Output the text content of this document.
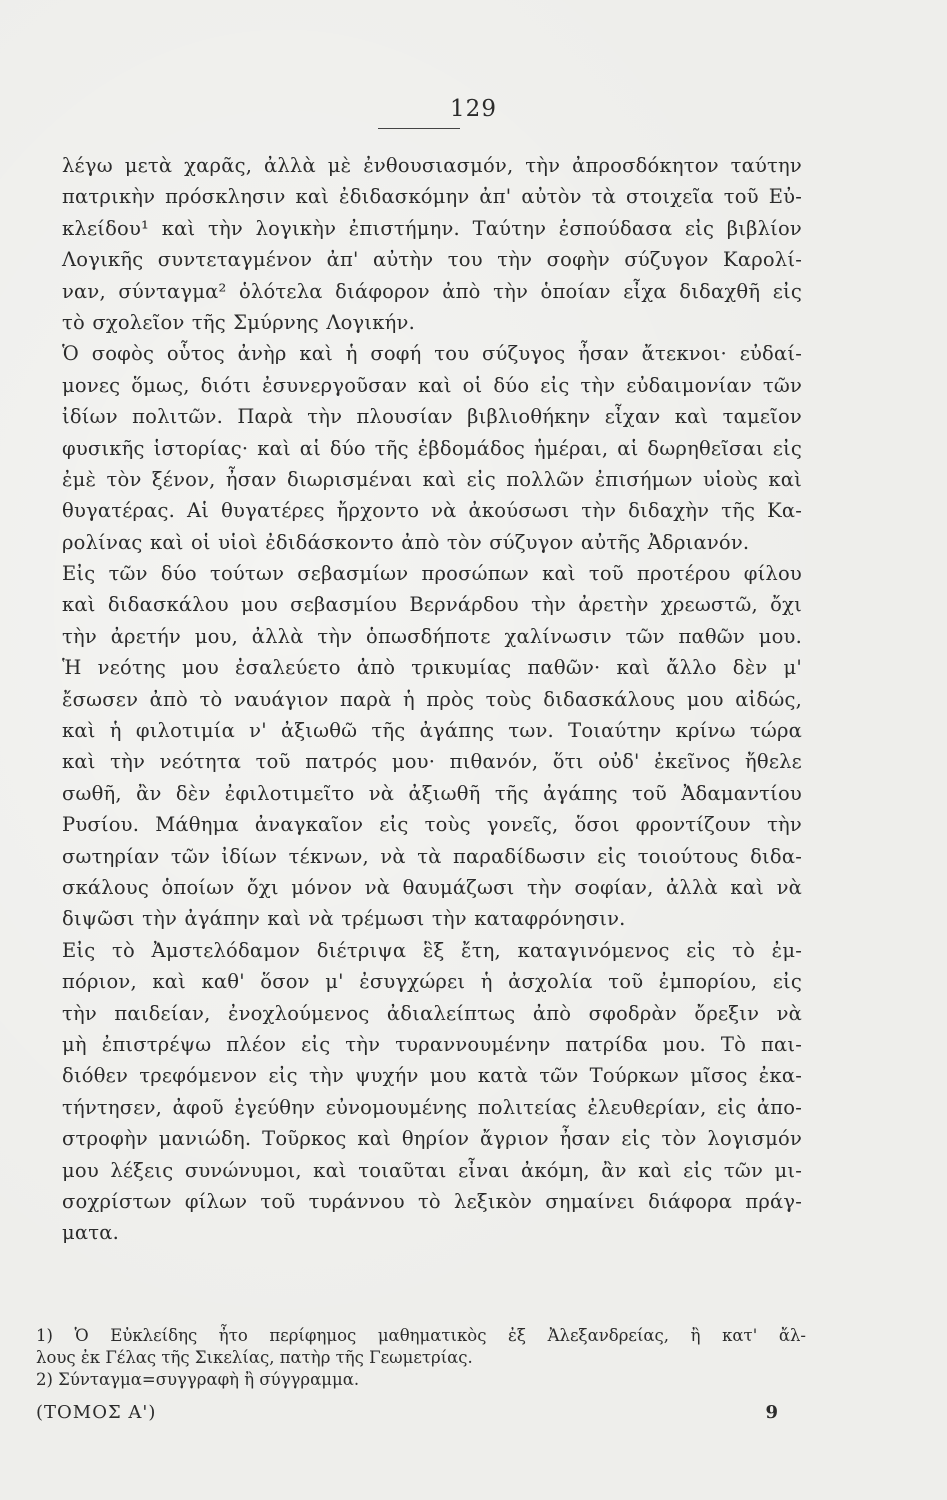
129
λέγω μετὰ χαρᾶς, ἀλλὰ μὲ ἐνθουσιασμόν, τὴν ἀπροσδόκητον ταύτην
πατρικὴν πρόσκλησιν καὶ ἐδιδασκόμην ἀπ' αὐτὸν τὰ στοιχεῖα τοῦ Εὐ-
κλείδου¹ καὶ τὴν λογικὴν ἐπιστήμην. Ταύτην ἐσπούδασα εἰς βιβλίον
Λογικῆς συντεταγμένον ἀπ' αὐτὴν του τὴν σοφὴν σύζυγον Καρολί-
ναν, σύνταγμα² ὁλότελα διάφορον ἀπὸ τὴν ὁποίαν εἶχα διδαχθῆ εἰς
τὸ σχολεῖον τῆς Σμύρνης Λογικήν.
Ὁ σοφὸς οὗτος ἀνὴρ καὶ ἡ σοφή του σύζυγος ἦσαν ἄτεκνοι· εὐδαί-
μονες ὅμως, διότι ἐσυνεργοῦσαν καὶ οἱ δύο εἰς τὴν εὐδαιμονίαν τῶν
ἰδίων πολιτῶν. Παρὰ τὴν πλουσίαν βιβλιοθήκην εἶχαν καὶ ταμεῖον
φυσικῆς ἱστορίας· καὶ αἱ δύο τῆς ἑβδομάδος ἡμέραι, αἱ δωρηθεῖσαι εἰς
ἐμὲ τὸν ξένον, ἦσαν διωρισμέναι καὶ εἰς πολλῶν ἐπισήμων υἱοὺς καὶ
θυγατέρας. Αἱ θυγατέρες ἤρχοντο νὰ ἀκούσωσι τὴν διδαχὴν τῆς Κα-
ρολίνας καὶ οἱ υἱοὶ ἐδιδάσκοντο ἀπὸ τὸν σύζυγον αὐτῆς Ἀδριανόν.
Εἰς τῶν δύο τούτων σεβασμίων προσώπων καὶ τοῦ προτέρου φίλου
καὶ διδασκάλου μου σεβασμίου Βερνάρδου τὴν ἀρετὴν χρεωστῶ, ὄχι
τὴν ἀρετήν μου, ἀλλὰ τὴν ὁπωσδήποτε χαλίνωσιν τῶν παθῶν μου.
Ἡ νεότης μου ἐσαλεύετο ἀπὸ τρικυμίας παθῶν· καὶ ἄλλο δὲν μ'
ἔσωσεν ἀπὸ τὸ ναυάγιον παρὰ ἡ πρὸς τοὺς διδασκάλους μου αἰδώς,
καὶ ἡ φιλοτιμία ν' ἀξιωθῶ τῆς ἀγάπης των. Τοιαύτην κρίνω τώρα
καὶ τὴν νεότητα τοῦ πατρός μου· πιθανόν, ὅτι οὐδ' ἐκεῖνος ἤθελε
σωθῆ, ἂν δὲν ἐφιλοτιμεῖτο νὰ ἀξιωθῆ τῆς ἀγάπης τοῦ Ἀδαμαντίου
Ρυσίου. Μάθημα ἀναγκαῖον εἰς τοὺς γονεῖς, ὅσοι φροντίζουν τὴν
σωτηρίαν τῶν ἰδίων τέκνων, νὰ τὰ παραδίδωσιν εἰς τοιούτους διδα-
σκάλους ὁποίων ὄχι μόνον νὰ θαυμάζωσι τὴν σοφίαν, ἀλλὰ καὶ νὰ
διψῶσι τὴν ἀγάπην καὶ νὰ τρέμωσι τὴν καταφρόνησιν.
Εἰς τὸ Ἀμστελόδαμον διέτριψα ἓξ ἔτη, καταγινόμενος εἰς τὸ ἐμ-
πόριον, καὶ καθ' ὅσον μ' ἐσυγχώρει ἡ ἀσχολία τοῦ ἐμπορίου, εἰς
τὴν παιδείαν, ἐνοχλούμενος ἀδιαλείπτως ἀπὸ σφοδρὰν ὄρεξιν νὰ
μὴ ἐπιστρέψω πλέον εἰς τὴν τυραννουμένην πατρίδα μου. Τὸ παι-
διόθεν τρεφόμενον εἰς τὴν ψυχήν μου κατὰ τῶν Τούρκων μῖσος ἐκα-
τήντησεν, ἀφοῦ ἐγεύθην εὐνομουμένης πολιτείας ἐλευθερίαν, εἰς ἀπο-
στροφὴν μανιώδη. Τοῦρκος καὶ θηρίον ἄγριον ἦσαν εἰς τὸν λογισμόν
μου λέξεις συνώνυμοι, καὶ τοιαῦται εἶναι ἀκόμη, ἂν καὶ εἰς τῶν μι-
σοχρίστων φίλων τοῦ τυράννου τὸ λεξικὸν σημαίνει διάφορα πράγ-
ματα.
1) Ὁ Εὐκλείδης ἦτο περίφημος μαθηματικὸς ἐξ Ἀλεξανδρείας, ἢ κατ' ἄλ-
λους ἐκ Γέλας τῆς Σικελίας, πατὴρ τῆς Γεωμετρίας.
2) Σύνταγμα=συγγραφὴ ἢ σύγγραμμα.
(ΤΟΜΟΣ Α')	9
